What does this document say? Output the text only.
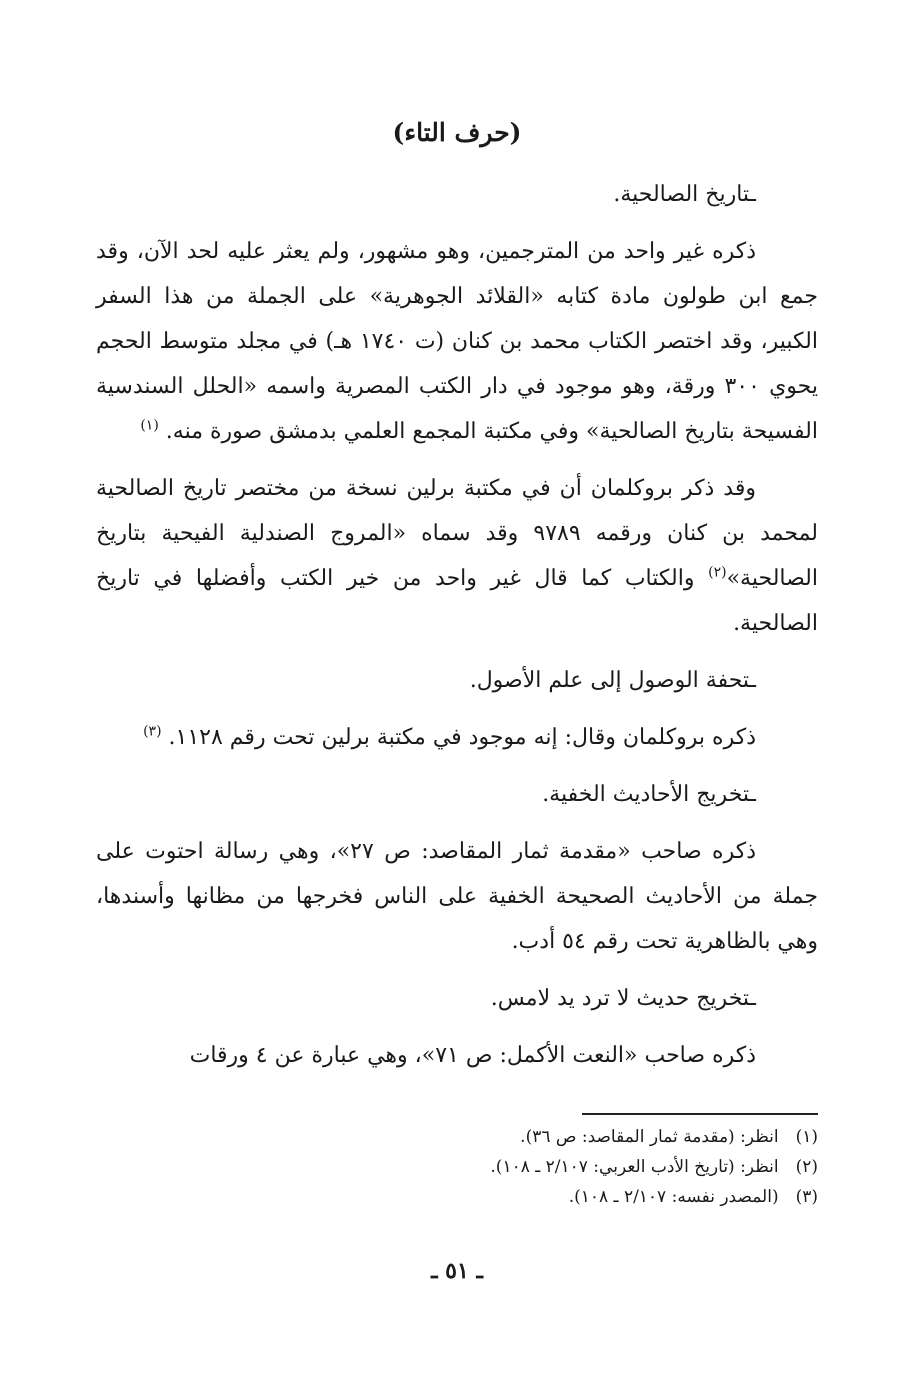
(حرف التاء)
ـ تاريخ الصالحية.

ذكره غير واحد من المترجمين، وهو مشهور، ولم يعثر عليه لحد الآن، وقد جمع ابن طولون مادة كتابه «القلائد الجوهرية» على الجملة من هذا السفر الكبير، وقد اختصر الكتاب محمد بن كنان (ت ١٧٤٠ هـ) في مجلد متوسط الحجم يحوي ٣٠٠ ورقة، وهو موجود في دار الكتب المصرية واسمه «الحلل السندسية الفسيحة بتاريخ الصالحية» وفي مكتبة المجمع العلمي بدمشق صورة منه. $^{(١)}$

وقد ذكر بروكلمان أن في مكتبة برلين نسخة من مختصر تاريخ الصالحية لمحمد بن كنان ورقمه ٩٧٨٩ وقد سماه «المروج الصندلية الفيحية بتاريخ الصالحية»$^{(٢)}$ والكتاب كما قال غير واحد من خير الكتب وأفضلها في تاريخ الصالحية.

ـ تحفة الوصول إلى علم الأصول.

ذكره بروكلمان وقال: إنه موجود في مكتبة برلين تحت رقم ١١٢٨. $^{(٣)}$

ـ تخريج الأحاديث الخفية.

ذكره صاحب «مقدمة ثمار المقاصد: ص ٢٧»، وهي رسالة احتوت على جملة من الأحاديث الصحيحة الخفية على الناس فخرجها من مظانها وأسندها، وهي بالظاهرية تحت رقم ٥٤ أدب.

ـ تخريج حديث لا ترد يد لامس.

ذكره صاحب «النعت الأكمل: ص ٧١»، وهي عبارة عن ٤ ورقات

(١) انظر: (مقدمة ثمار المقاصد: ص ٣٦).
(٢) انظر: (تاريخ الأدب العربي: ٢/١٠٧ ـ ١٠٨).
(٣) (المصدر نفسه: ٢/١٠٧ ـ ١٠٨).
ـ ٥١ ـ
